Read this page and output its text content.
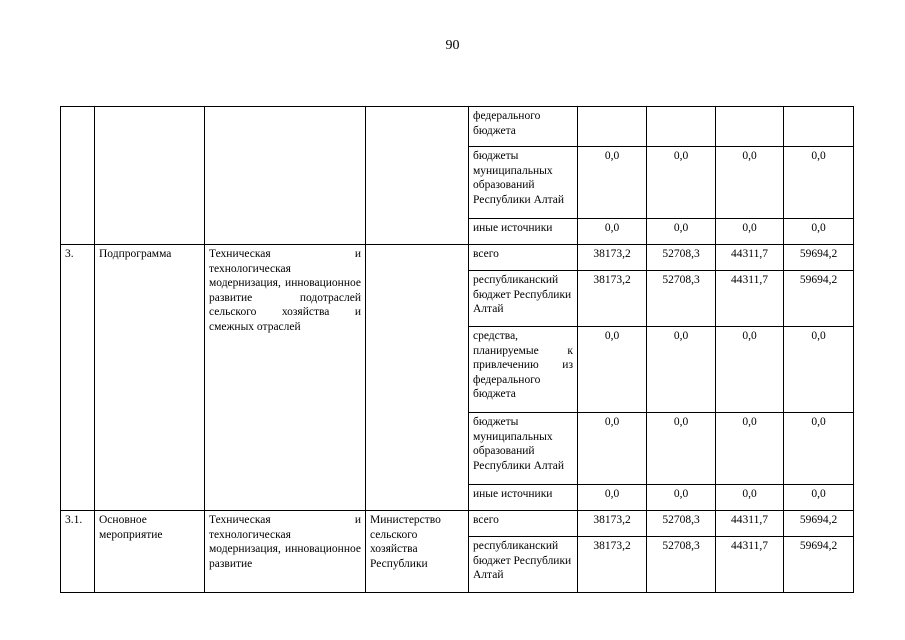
90
				федерального бюджета				
				бюджеты муниципальных образований Республики Алтай	0,0	0,0	0,0	0,0
				иные источники	0,0	0,0	0,0	0,0
3.	Подпрограмма	Техническая и технологическая модернизация, инновационное развитие подотраслей сельского хозяйства и смежных отраслей		всего	38173,2	52708,3	44311,7	59694,2
				республиканский бюджет Республики Алтай	38173,2	52708,3	44311,7	59694,2
				средства, планируемые к привлечению из федерального бюджета	0,0	0,0	0,0	0,0
				бюджеты муниципальных образований Республики Алтай	0,0	0,0	0,0	0,0
				иные источники	0,0	0,0	0,0	0,0
3.1.	Основное мероприятие	Техническая и технологическая модернизация, инновационное развитие	Министерство сельского хозяйства Республики	всего	38173,2	52708,3	44311,7	59694,2
				республиканский бюджет Республики Алтай	38173,2	52708,3	44311,7	59694,2
